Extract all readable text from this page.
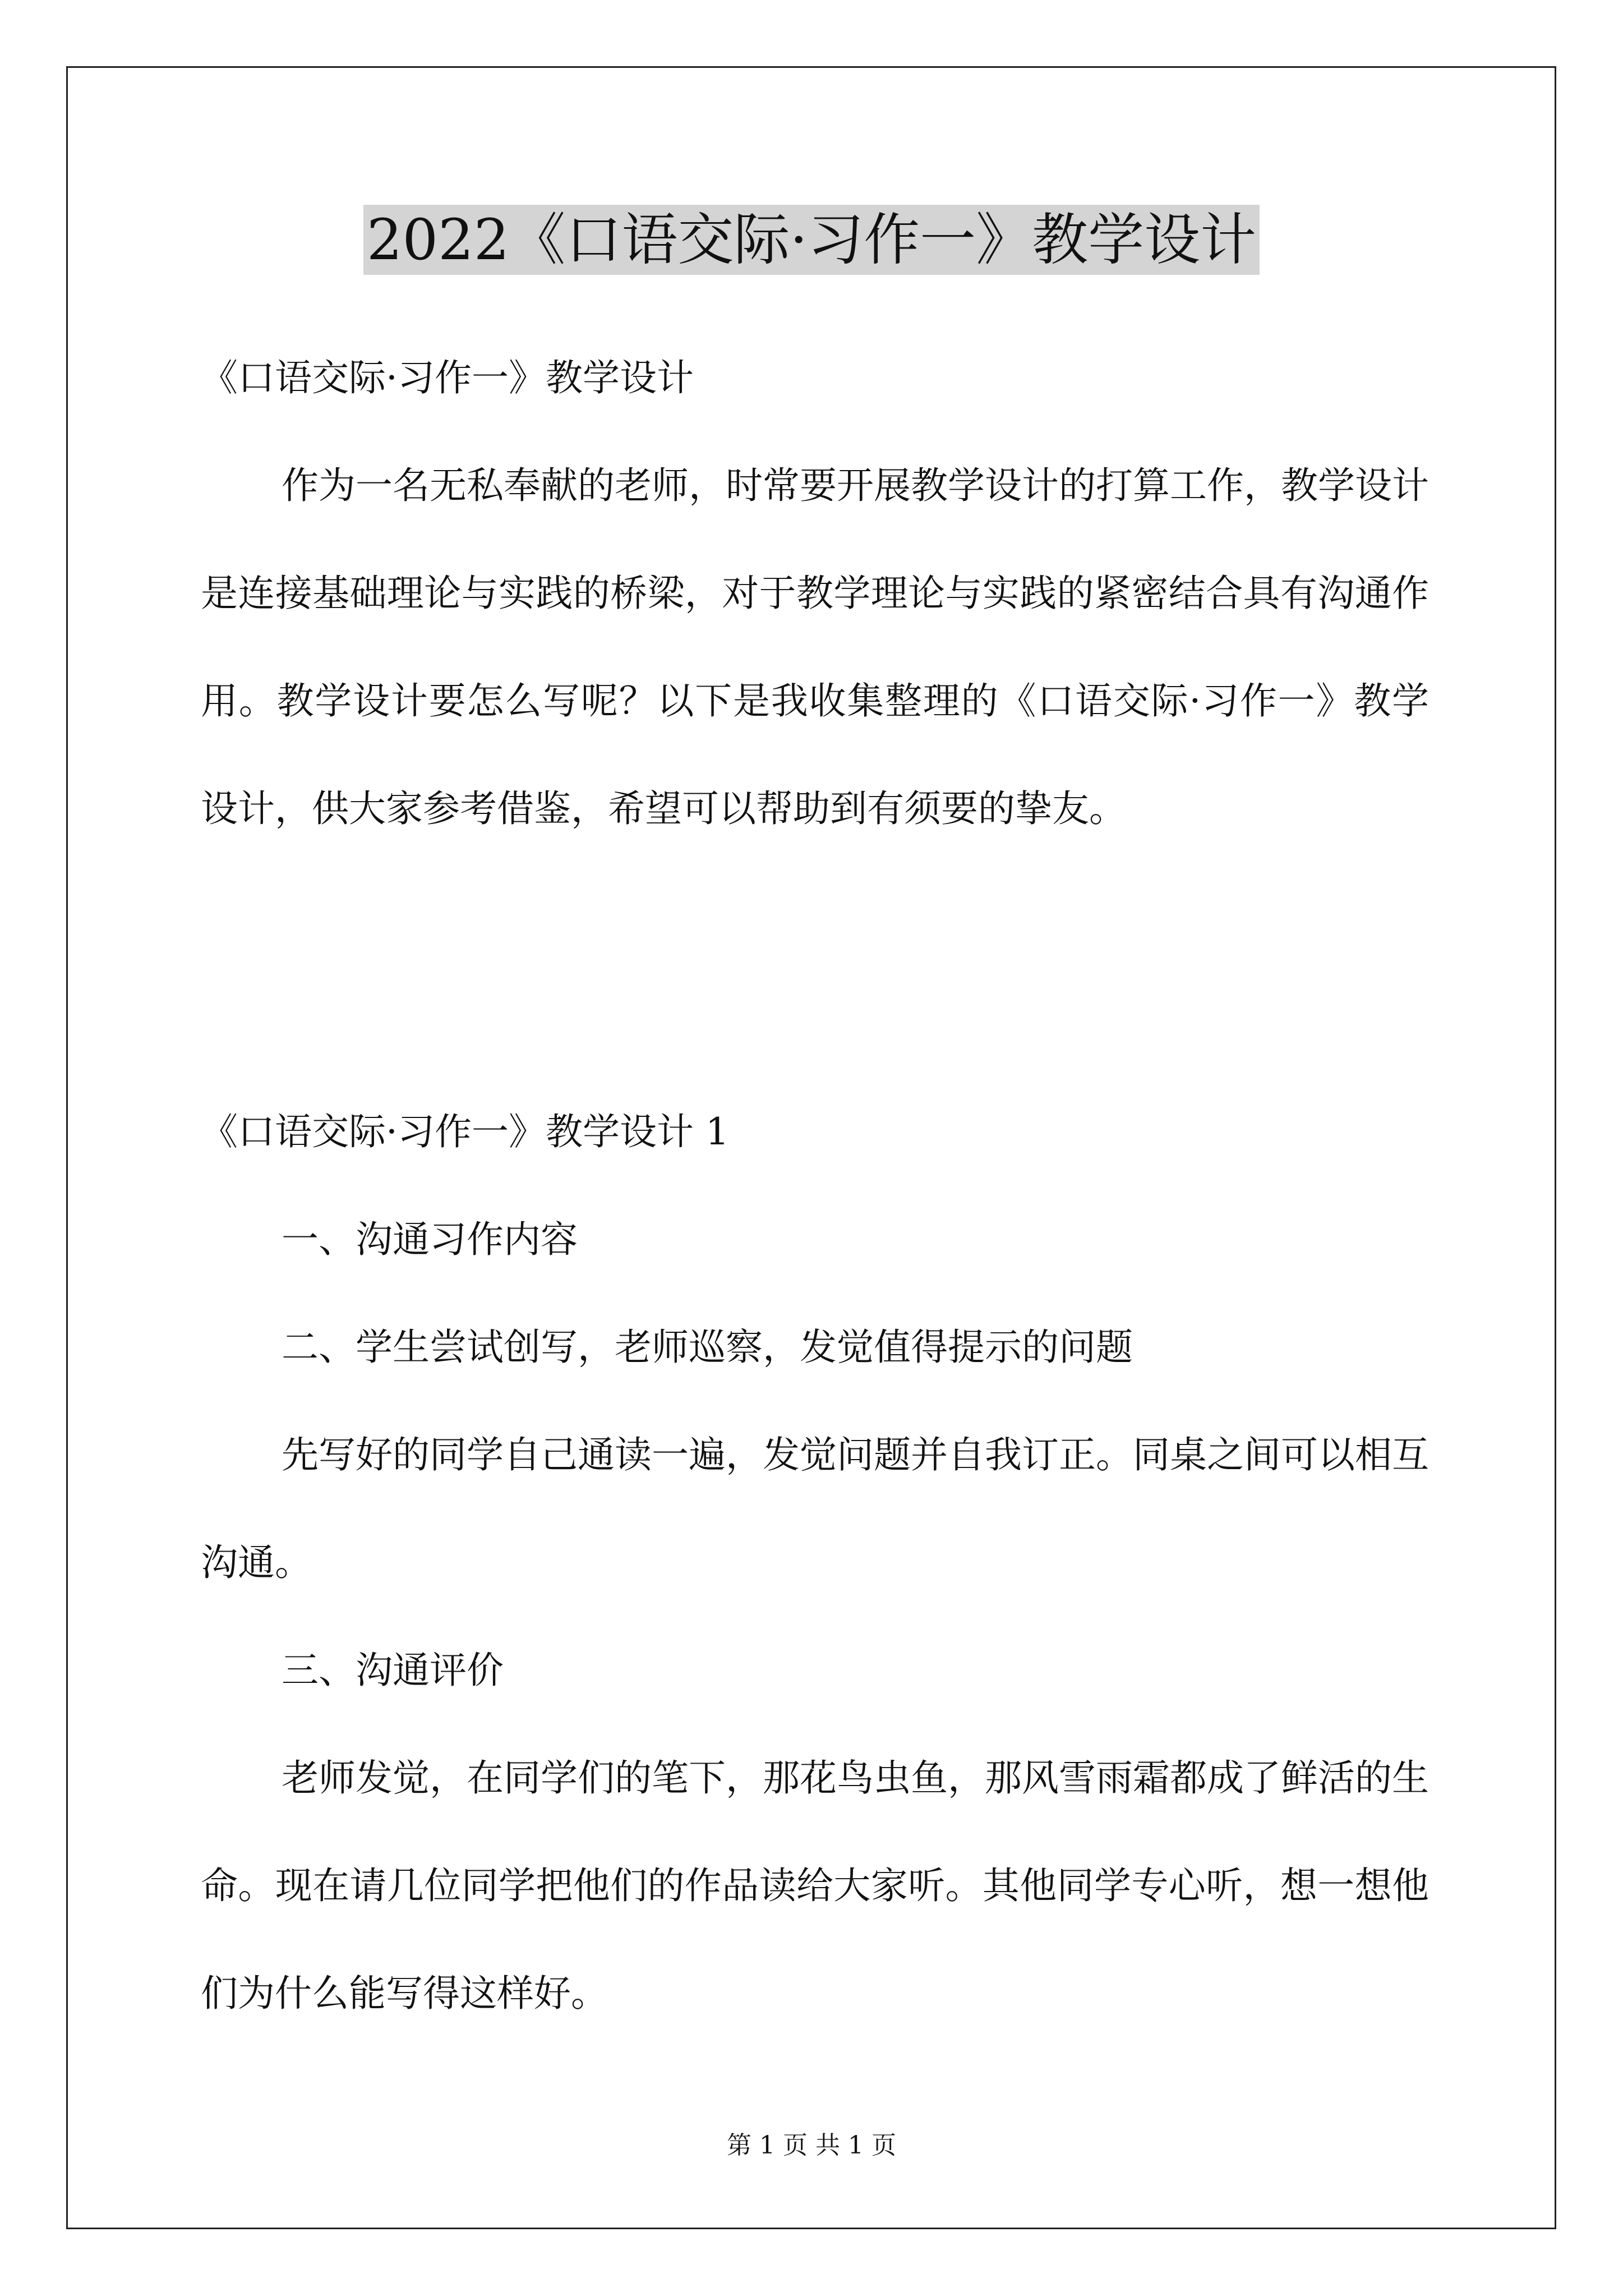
2022《口语交际·习作一》教学设计

《口语交际·习作一》教学设计

作为一名无私奉献的老师，时常要开展教学设计的打算工作，教学设计是连接基础理论与实践的桥梁，对于教学理论与实践的紧密结合具有沟通作用。教学设计要怎么写呢？以下是我收集整理的《口语交际·习作一》教学设计，供大家参考借鉴，希望可以帮助到有须要的挚友。

《口语交际·习作一》教学设计 1

一、沟通习作内容

二、学生尝试创写，老师巡察，发觉值得提示的问题

先写好的同学自己通读一遍，发觉问题并自我订正。同桌之间可以相互沟通。

三、沟通评价

老师发觉，在同学们的笔下，那花鸟虫鱼，那风雪雨霜都成了鲜活的生命。现在请几位同学把他们的作品读给大家听。其他同学专心听，想一想他们为什么能写得这样好。

第 1 页 共 1 页
